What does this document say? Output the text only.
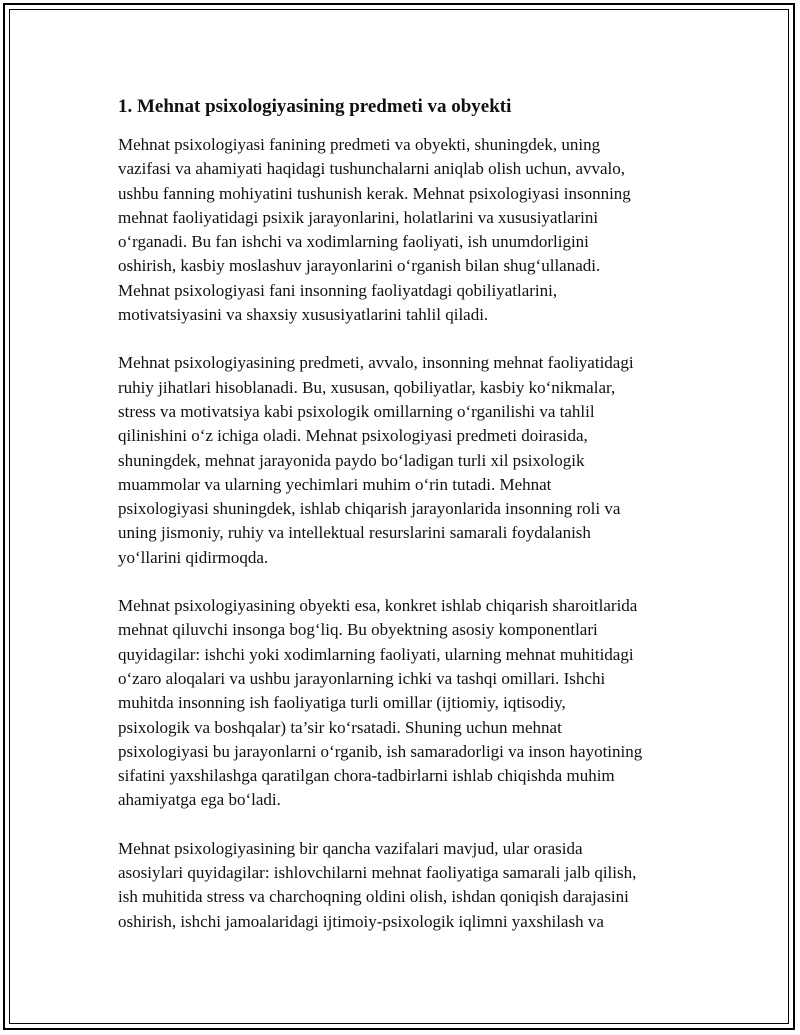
1. Mehnat psixologiyasining predmeti va obyekti
Mehnat psixologiyasi fanining predmeti va obyekti, shuningdek, uning
vazifasi va ahamiyati haqidagi tushunchalarni aniqlab olish uchun, avvalo,
ushbu fanning mohiyatini tushunish kerak. Mehnat psixologiyasi insonning
mehnat faoliyatidagi psixik jarayonlarini, holatlarini va xususiyatlarini
o‘rganadi. Bu fan ishchi va xodimlarning faoliyati, ish unumdorligini
oshirish, kasbiy moslashuv jarayonlarini o‘rganish bilan shug‘ullanadi.
Mehnat psixologiyasi fani insonning faoliyatdagi qobiliyatlarini,
motivatsiyasini va shaxsiy xususiyatlarini tahlil qiladi.
Mehnat psixologiyasining predmeti, avvalo, insonning mehnat faoliyatidagi
ruhiy jihatlari hisoblanadi. Bu, xususan, qobiliyatlar, kasbiy ko‘nikmalar,
stress va motivatsiya kabi psixologik omillarning o‘rganilishi va tahlil
qilinishini o‘z ichiga oladi. Mehnat psixologiyasi predmeti doirasida,
shuningdek, mehnat jarayonida paydo bo‘ladigan turli xil psixologik
muammolar va ularning yechimlari muhim o‘rin tutadi. Mehnat
psixologiyasi shuningdek, ishlab chiqarish jarayonlarida insonning roli va
uning jismoniy, ruhiy va intellektual resurslarini samarali foydalanish
yo‘llarini qidirmoqda.
Mehnat psixologiyasining obyekti esa, konkret ishlab chiqarish sharoitlarida
mehnat qiluvchi insonga bog‘liq. Bu obyektning asosiy komponentlari
quyidagilar: ishchi yoki xodimlarning faoliyati, ularning mehnat muhitidagi
o‘zaro aloqalari va ushbu jarayonlarning ichki va tashqi omillari. Ishchi
muhitda insonning ish faoliyatiga turli omillar (ijtiomiy, iqtisodiy,
psixologik va boshqalar) ta’sir ko‘rsatadi. Shuning uchun mehnat
psixologiyasi bu jarayonlarni o‘rganib, ish samaradorligi va inson hayotining
sifatini yaxshilashga qaratilgan chora-tadbirlarni ishlab chiqishda muhim
ahamiyatga ega bo‘ladi.
Mehnat psixologiyasining bir qancha vazifalari mavjud, ular orasida
asosiylari quyidagilar: ishlovchilarni mehnat faoliyatiga samarali jalb qilish,
ish muhitida stress va charchoqning oldini olish, ishdan qoniqish darajasini
oshirish, ishchi jamoalaridagi ijtimoiy-psixologik iqlimni yaxshilash va
